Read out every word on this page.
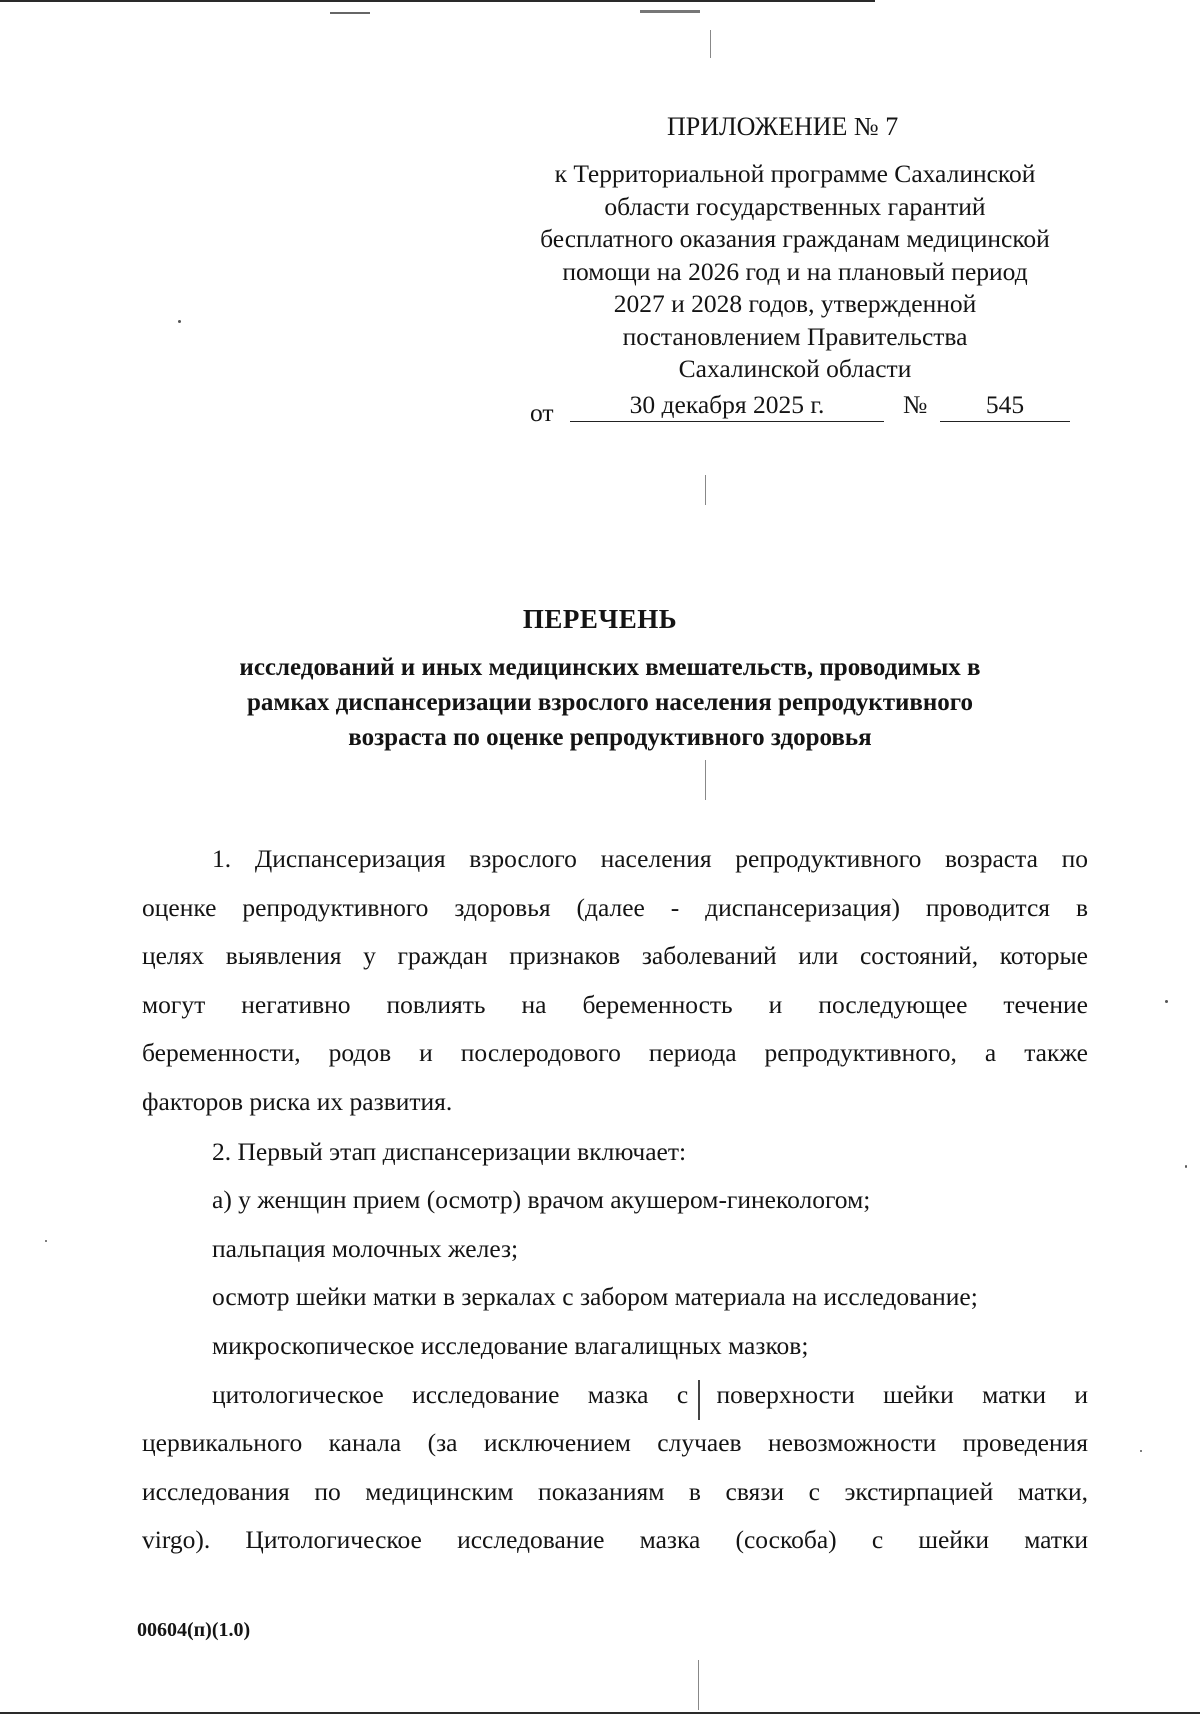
ПРИЛОЖЕНИЕ № 7
к Территориальной программе Сахалинской
области государственных гарантий
бесплатного оказания гражданам медицинской
помощи на 2026 год и на плановый период
2027 и 2028 годов, утвержденной
постановлением Правительства
Сахалинской области
от	30 декабря 2025 г.	№	545
ПЕРЕЧЕНЬ
исследований и иных медицинских вмешательств, проводимых в
рамках диспансеризации взрослого населения репродуктивного
возраста по оценке репродуктивного здоровья
1. Диспансеризация взрослого населения репродуктивного возраста по
оценке репродуктивного здоровья (далее - диспансеризация) проводится в
целях выявления у граждан признаков заболеваний или состояний, которые
могут негативно повлиять на беременность и последующее течение
беременности, родов и послеродового периода репродуктивного, а также
факторов риска их развития.
2. Первый этап диспансеризации включает:
а) у женщин прием (осмотр) врачом акушером-гинекологом;
пальпация молочных желез;
осмотр шейки матки в зеркалах с забором материала на исследование;
микроскопическое исследование влагалищных мазков;
цитологическое исследование мазка с поверхности шейки матки и
цервикального канала (за исключением случаев невозможности проведения
исследования по медицинским показаниям в связи с экстирпацией матки,
virgo). Цитологическое исследование мазка (соскоба) с шейки матки
00604(п)(1.0)
